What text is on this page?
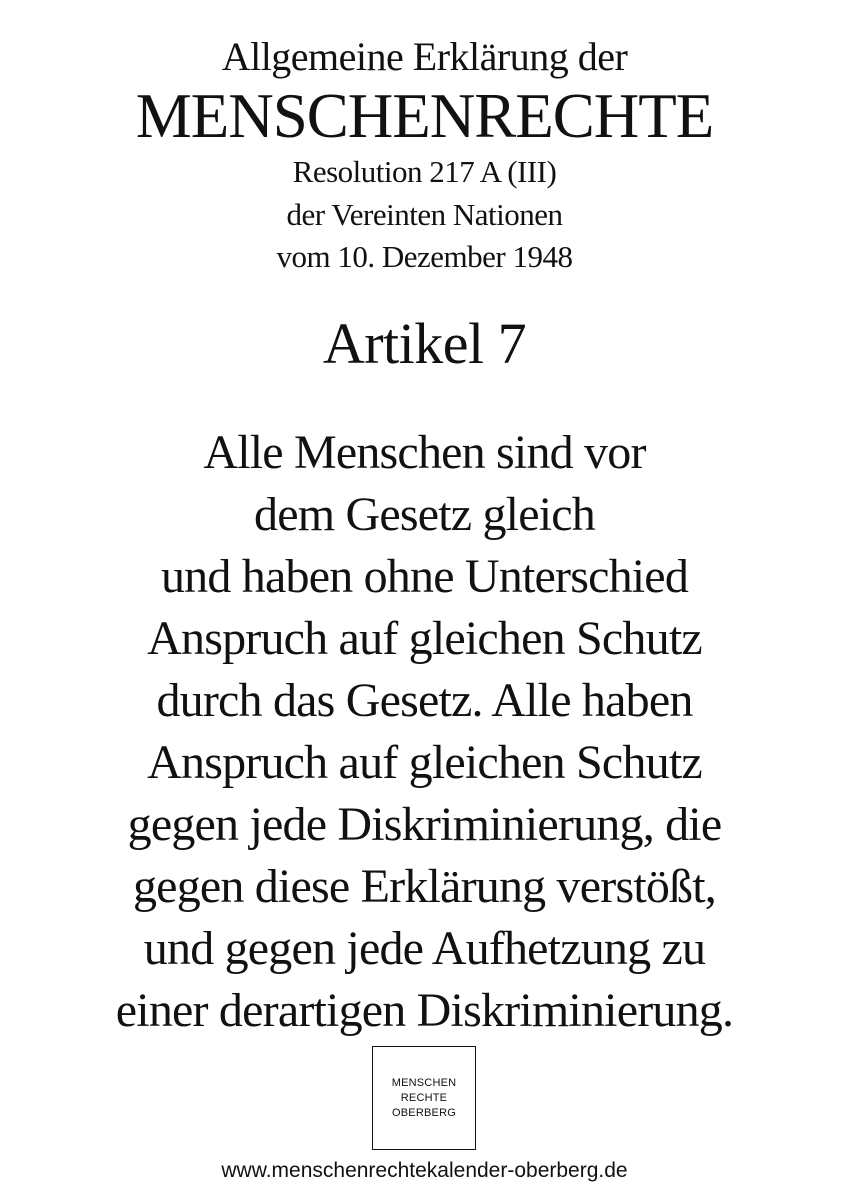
Allgemeine Erklärung der
MENSCHENRECHTE
Resolution 217 A (III)
der Vereinten Nationen
vom 10. Dezember 1948
Artikel 7
Alle Menschen sind vor
dem Gesetz gleich
und haben ohne Unterschied
Anspruch auf gleichen Schutz
durch das Gesetz. Alle haben
Anspruch auf gleichen Schutz
gegen jede Diskriminierung, die
gegen diese Erklärung verstößt,
und gegen jede Aufhetzung zu
einer derartigen Diskriminierung.
MENSCHEN
RECHTE
OBERBERG
www.menschenrechtekalender-oberberg.de
